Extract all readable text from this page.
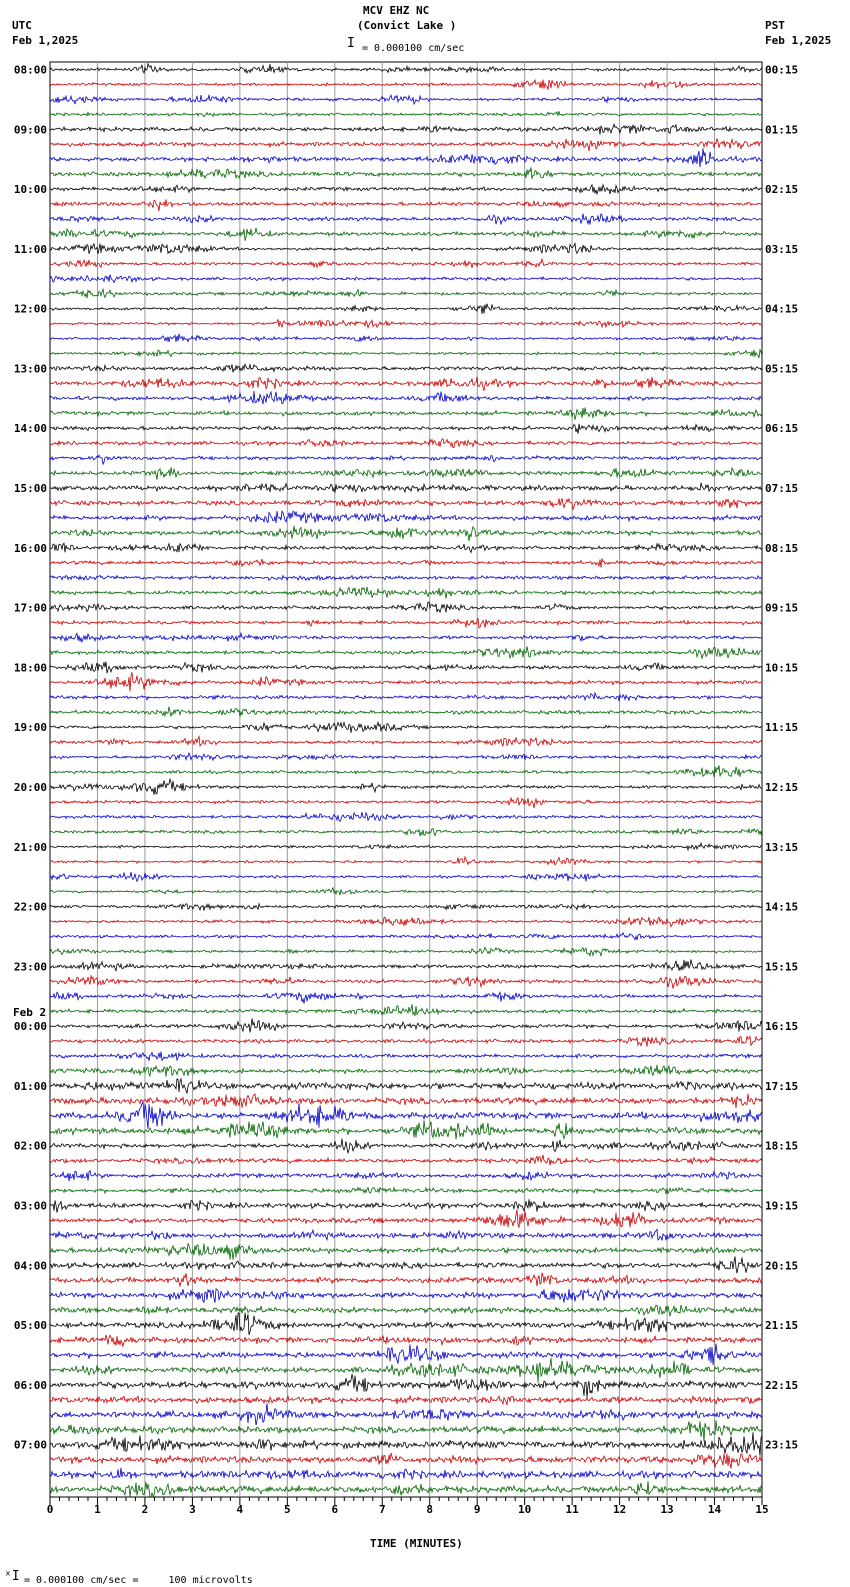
MCV EHZ NC
(Convict Lake )
I = 0.000100 cm/sec
UTC
Feb 1,2025
PST
Feb 1,2025
0	1	2	3	4	5	6	7	8	9	10	11	12	13	14	15
08:00
09:00
10:00
11:00
12:00
13:00
14:00
15:00
16:00
17:00
18:00
19:00
20:00
21:00
22:00
23:00
00:00
01:00
02:00
03:00
04:00
05:00
06:00
07:00
00:15
01:15
02:15
03:15
04:15
05:15
06:15
07:15
08:15
09:15
10:15
11:15
12:15
13:15
14:15
15:15
16:15
17:15
18:15
19:15
20:15
21:15
22:15
23:15
Feb 2
TIME (MINUTES)
ˣI = 0.000100 cm/sec =     100 microvolts
